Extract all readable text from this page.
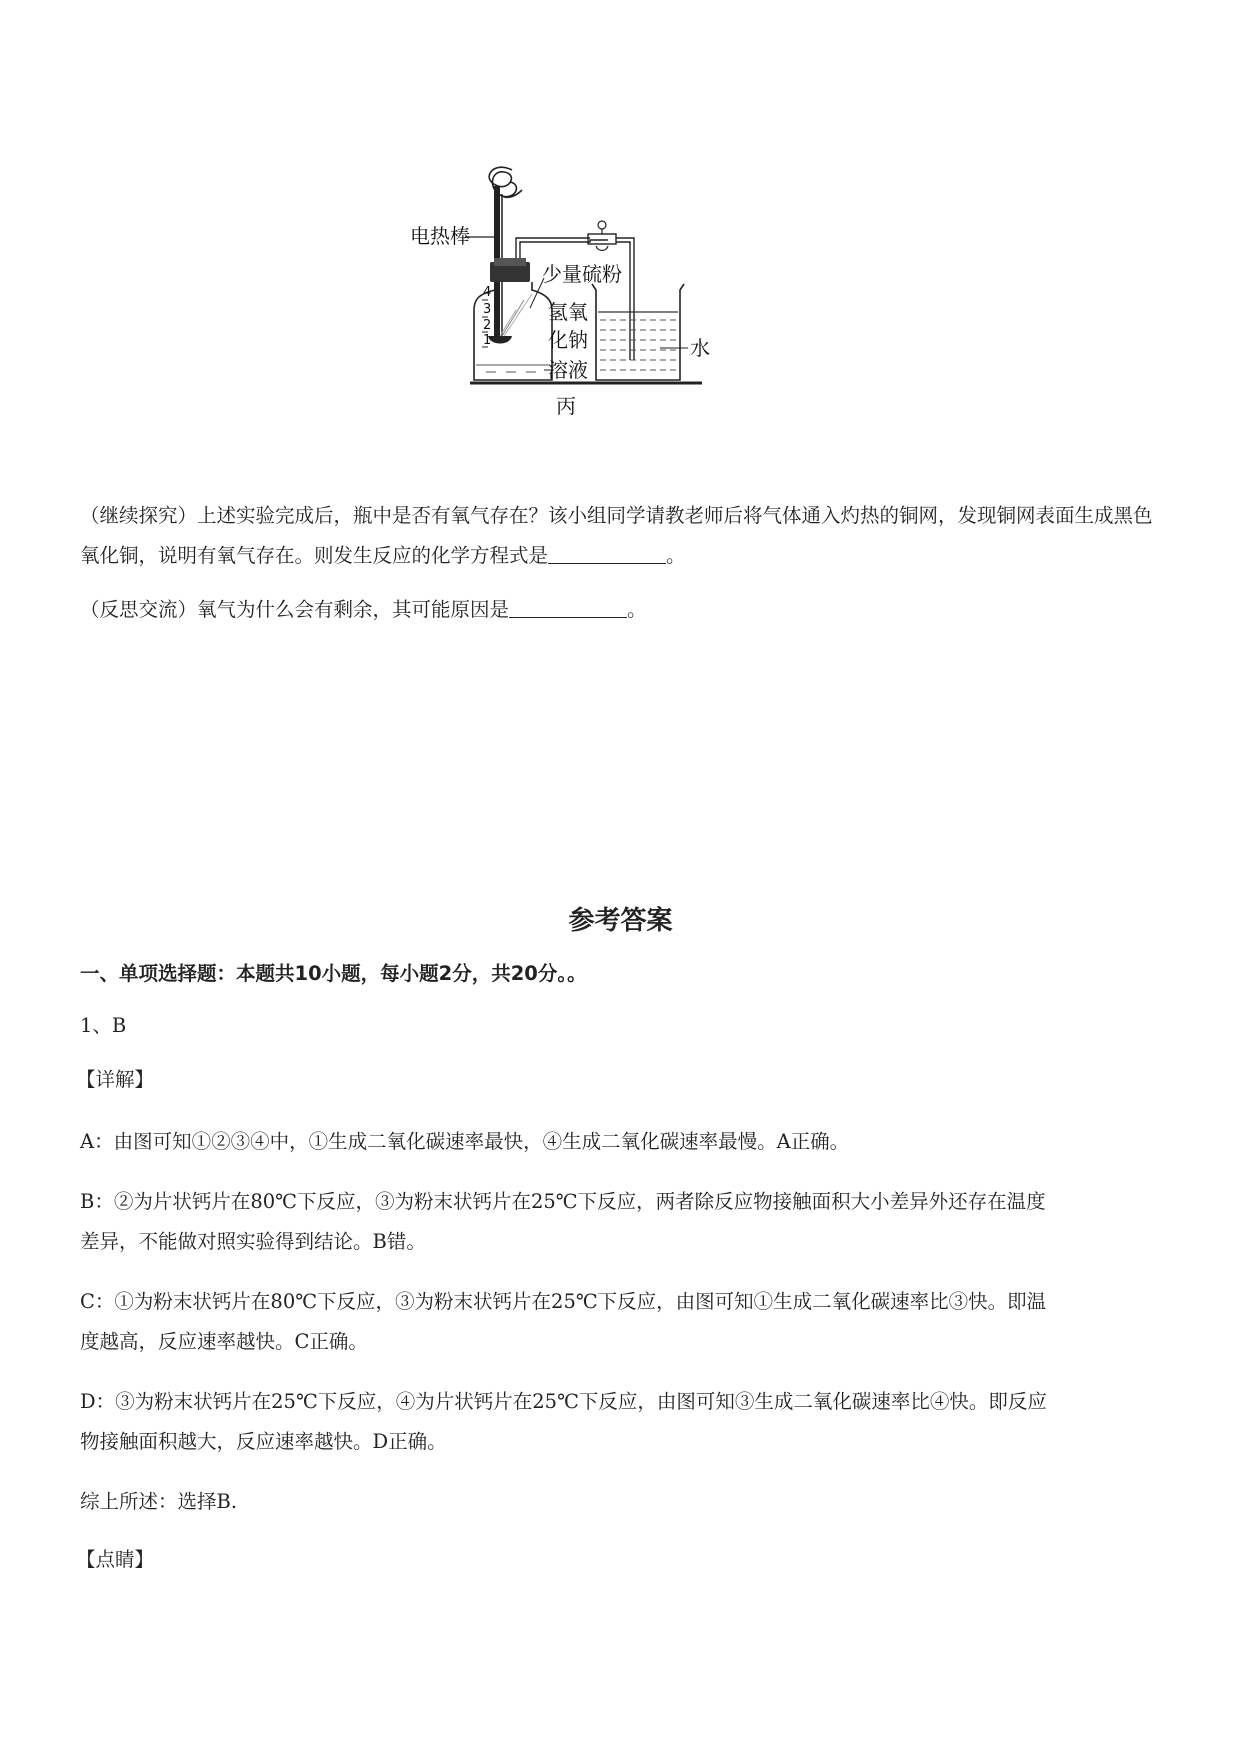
电热棒
少量硫粉
氢氧
化钠
溶液
水
丙
4
3
2
1
（继续探究）上述实验完成后，瓶中是否有氧气存在？该小组同学请教老师后将气体通入灼热的铜网，发现铜网表面生成黑色氧化铜，说明有氧气存在。则发生反应的化学方程式是	。
（反思交流）氧气为什么会有剩余，其可能原因是	。
参考答案
一、单项选择题：本题共10小题，每小题2分，共20分。。
1、B
【详解】
A：由图可知①②③④中，①生成二氧化碳速率最快，④生成二氧化碳速率最慢。A正确。
B：②为片状钙片在80℃下反应，③为粉末状钙片在25℃下反应，两者除反应物接触面积大小差异外还存在温度
差异，不能做对照实验得到结论。B错。
C：①为粉末状钙片在80℃下反应，③为粉末状钙片在25℃下反应，由图可知①生成二氧化碳速率比③快。即温
度越高，反应速率越快。C正确。
D：③为粉末状钙片在25℃下反应，④为片状钙片在25℃下反应，由图可知③生成二氧化碳速率比④快。即反应
物接触面积越大，反应速率越快。D正确。
综上所述：选择B.
【点睛】
